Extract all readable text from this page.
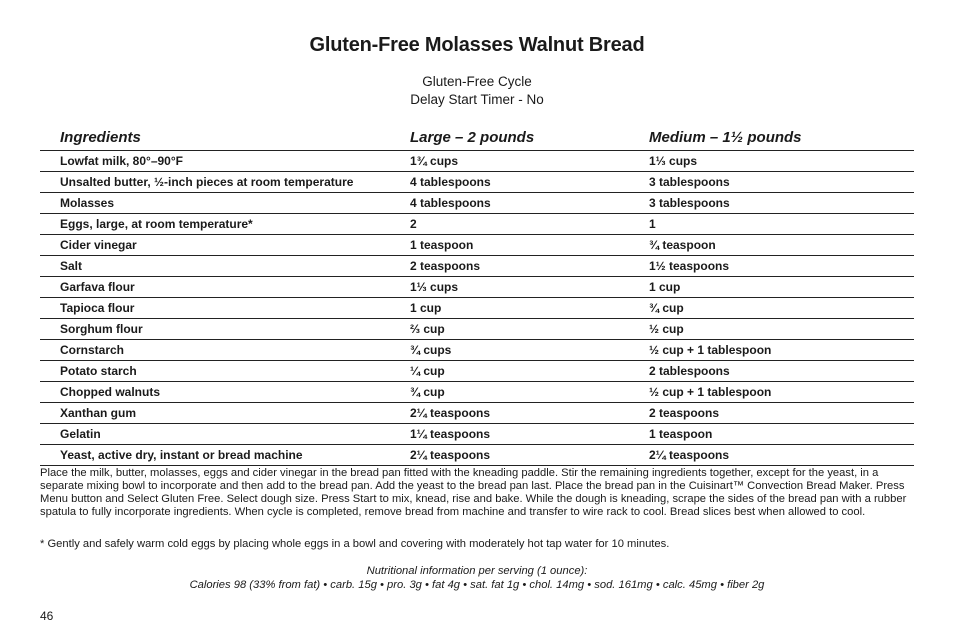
Gluten-Free Molasses Walnut Bread
Gluten-Free Cycle
Delay Start Timer - No
Ingredients	Large – 2 pounds	Medium – 1½ pounds
Lowfat milk, 80°–90°F	1¾ cups	1⅓ cups
Unsalted butter, ½-inch pieces at room temperature	4 tablespoons	3 tablespoons
Molasses	4 tablespoons	3 tablespoons
Eggs, large, at room temperature*	2	1
Cider vinegar	1 teaspoon	¾ teaspoon
Salt	2 teaspoons	1½ teaspoons
Garfava flour	1⅓ cups	1 cup
Tapioca flour	1 cup	¾ cup
Sorghum flour	⅔ cup	½ cup
Cornstarch	¾ cups	½ cup + 1 tablespoon
Potato starch	¼ cup	2 tablespoons
Chopped walnuts	¾ cup	½ cup + 1 tablespoon
Xanthan gum	2¼ teaspoons	2 teaspoons
Gelatin	1¼ teaspoons	1 teaspoon
Yeast, active dry, instant or bread machine	2¼ teaspoons	2¼ teaspoons
Place the milk, butter, molasses, eggs and cider vinegar in the bread pan fitted with the kneading paddle. Stir the remaining ingredients together, except for the yeast, in a separate mixing bowl to incorporate and then add to the bread pan. Add the yeast to the bread pan last. Place the bread pan in the Cuisinart™ Convection Bread Maker. Press Menu button and Select Gluten Free. Select dough size. Press Start to mix, knead, rise and bake. While the dough is kneading, scrape the sides of the bread pan with a rubber spatula to fully incorporate ingredients. When cycle is completed, remove bread from machine and transfer to wire rack to cool. Bread slices best when allowed to cool.
* Gently and safely warm cold eggs by placing whole eggs in a bowl and covering with moderately hot tap water for 10 minutes.
Nutritional information per serving (1 ounce):
Calories 98 (33% from fat) • carb. 15g • pro. 3g • fat 4g • sat. fat 1g • chol. 14mg • sod. 161mg • calc. 45mg • fiber 2g
46
